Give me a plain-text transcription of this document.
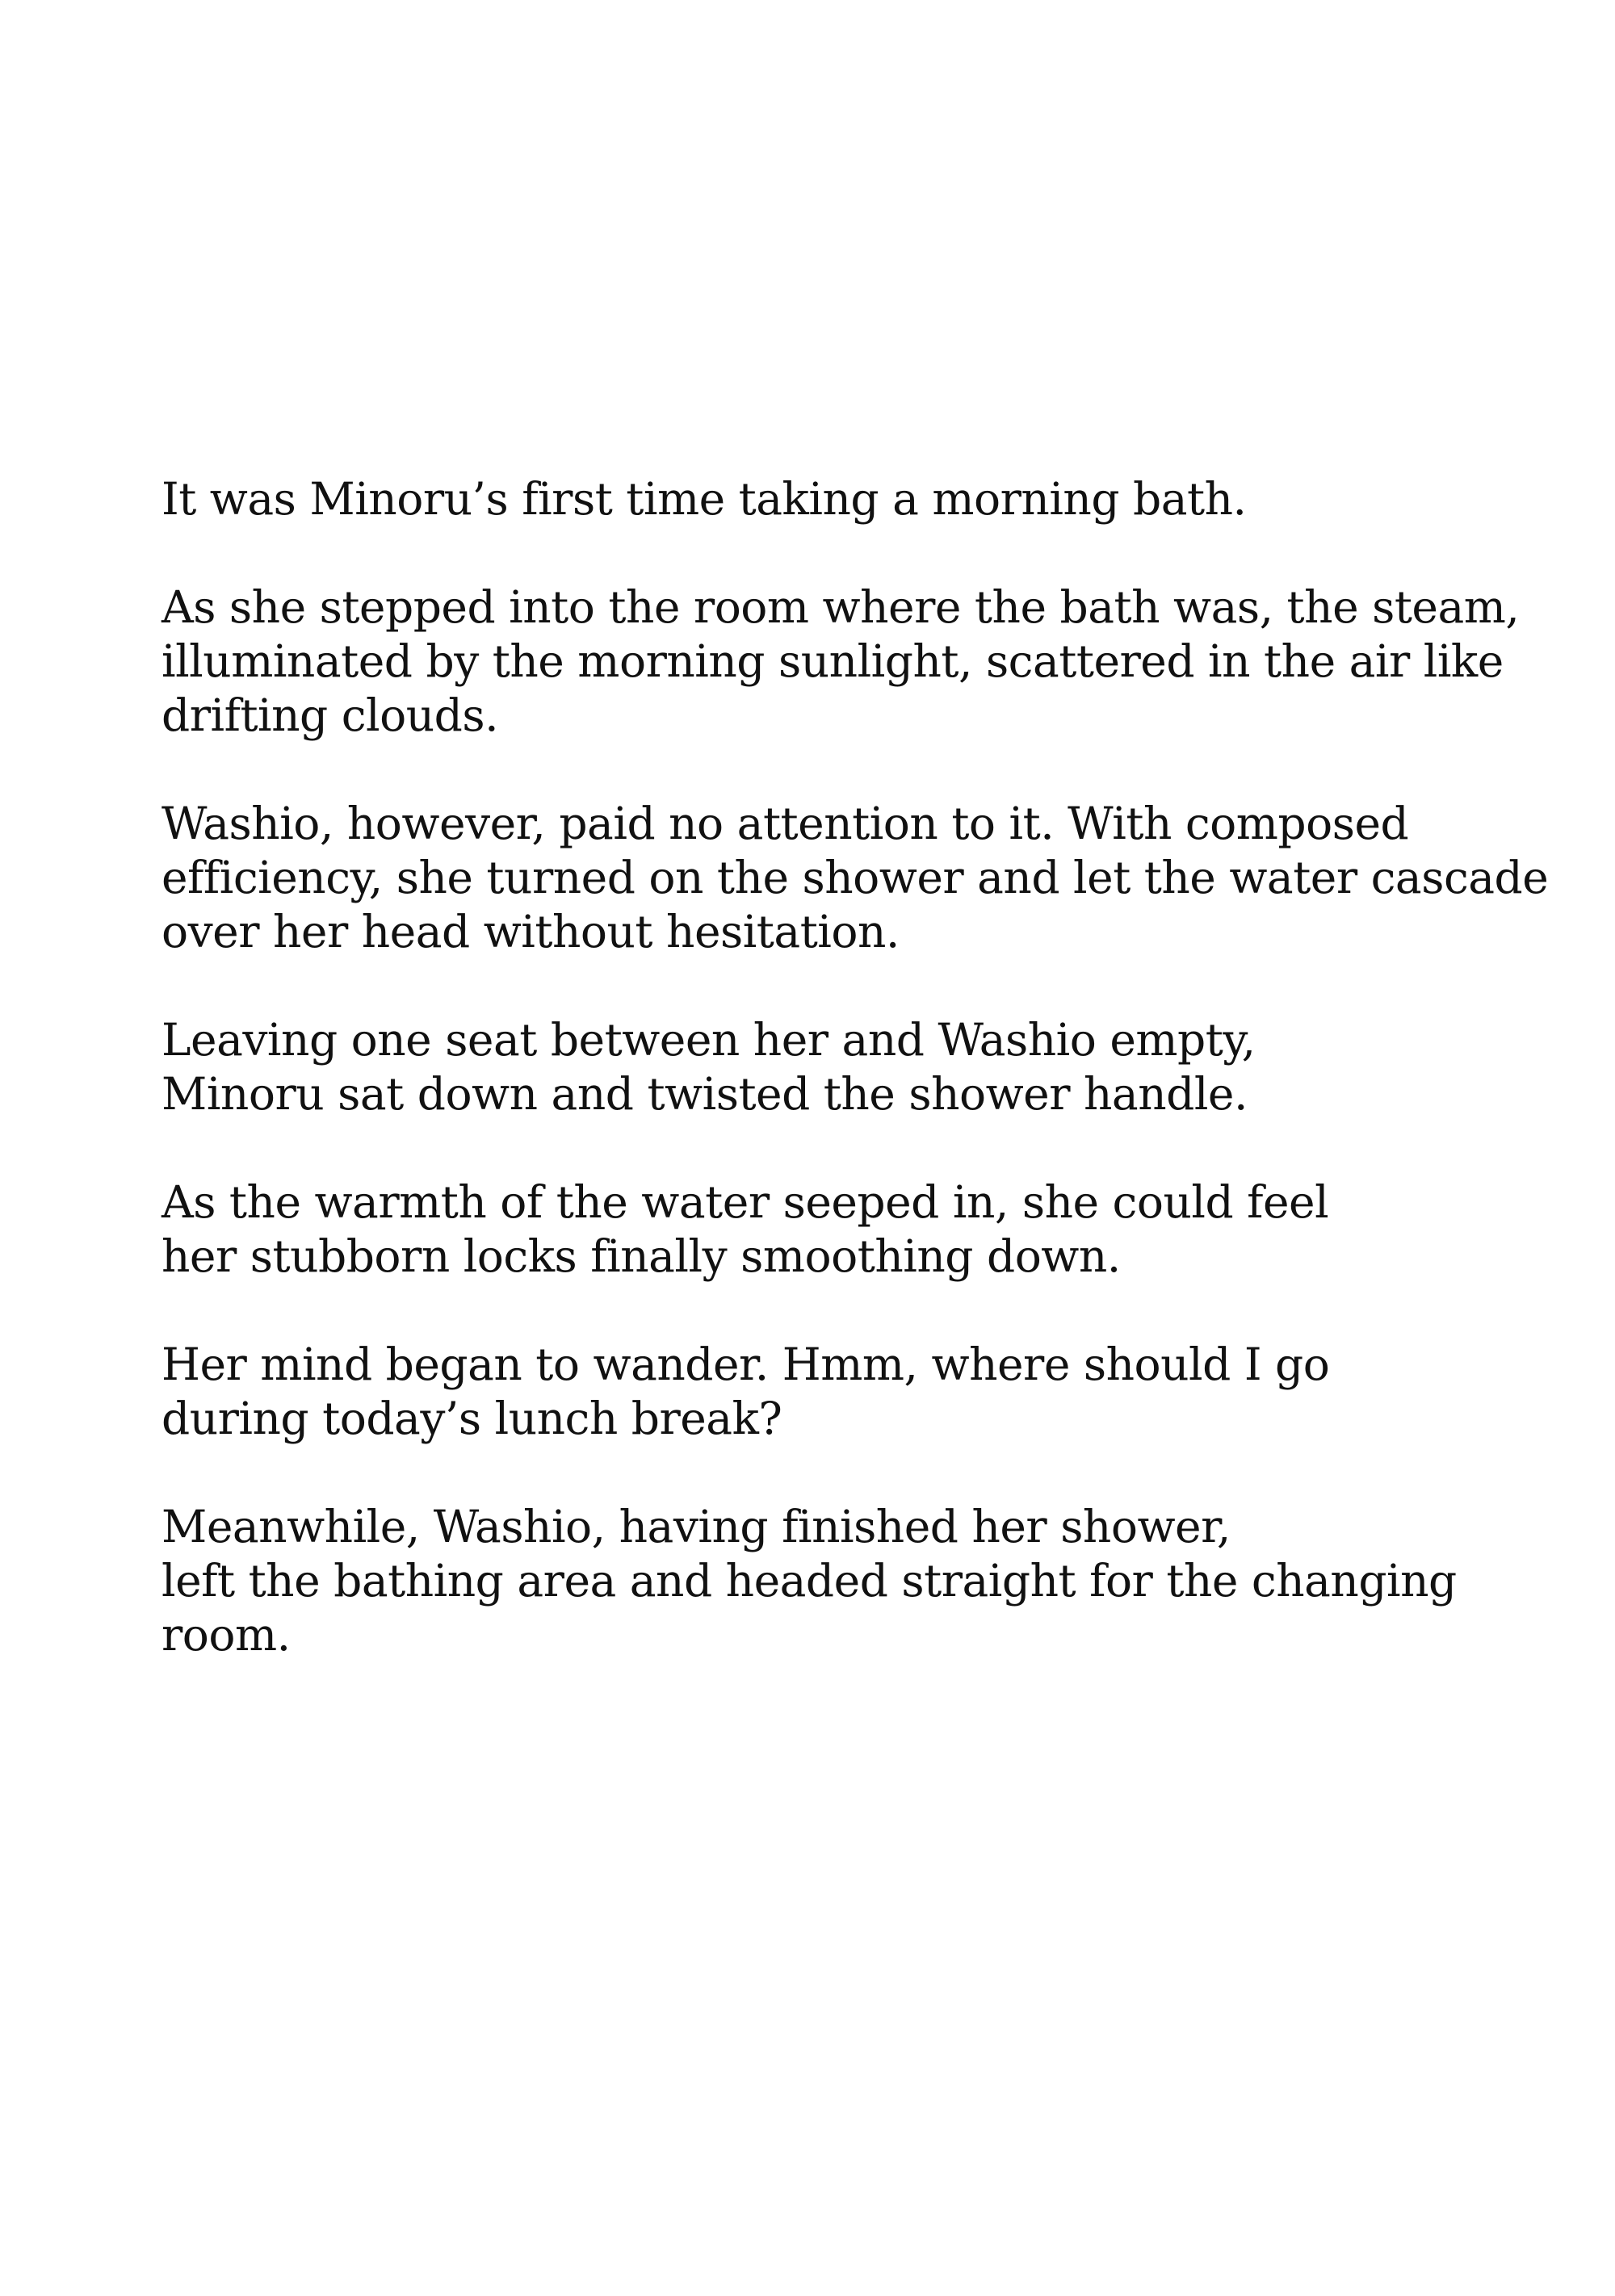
It was Minoru’s first time taking a morning bath.

As she stepped into the room where the bath was, the steam,
illuminated by the morning sunlight, scattered in the air like
drifting clouds.

Washio, however, paid no attention to it. With composed
efficiency, she turned on the shower and let the water cascade
over her head without hesitation.

Leaving one seat between her and Washio empty,
Minoru sat down and twisted the shower handle.

As the warmth of the water seeped in, she could feel
her stubborn locks finally smoothing down.

Her mind began to wander. Hmm, where should I go
during today’s lunch break?

Meanwhile, Washio, having finished her shower,
left the bathing area and headed straight for the changing
room.
